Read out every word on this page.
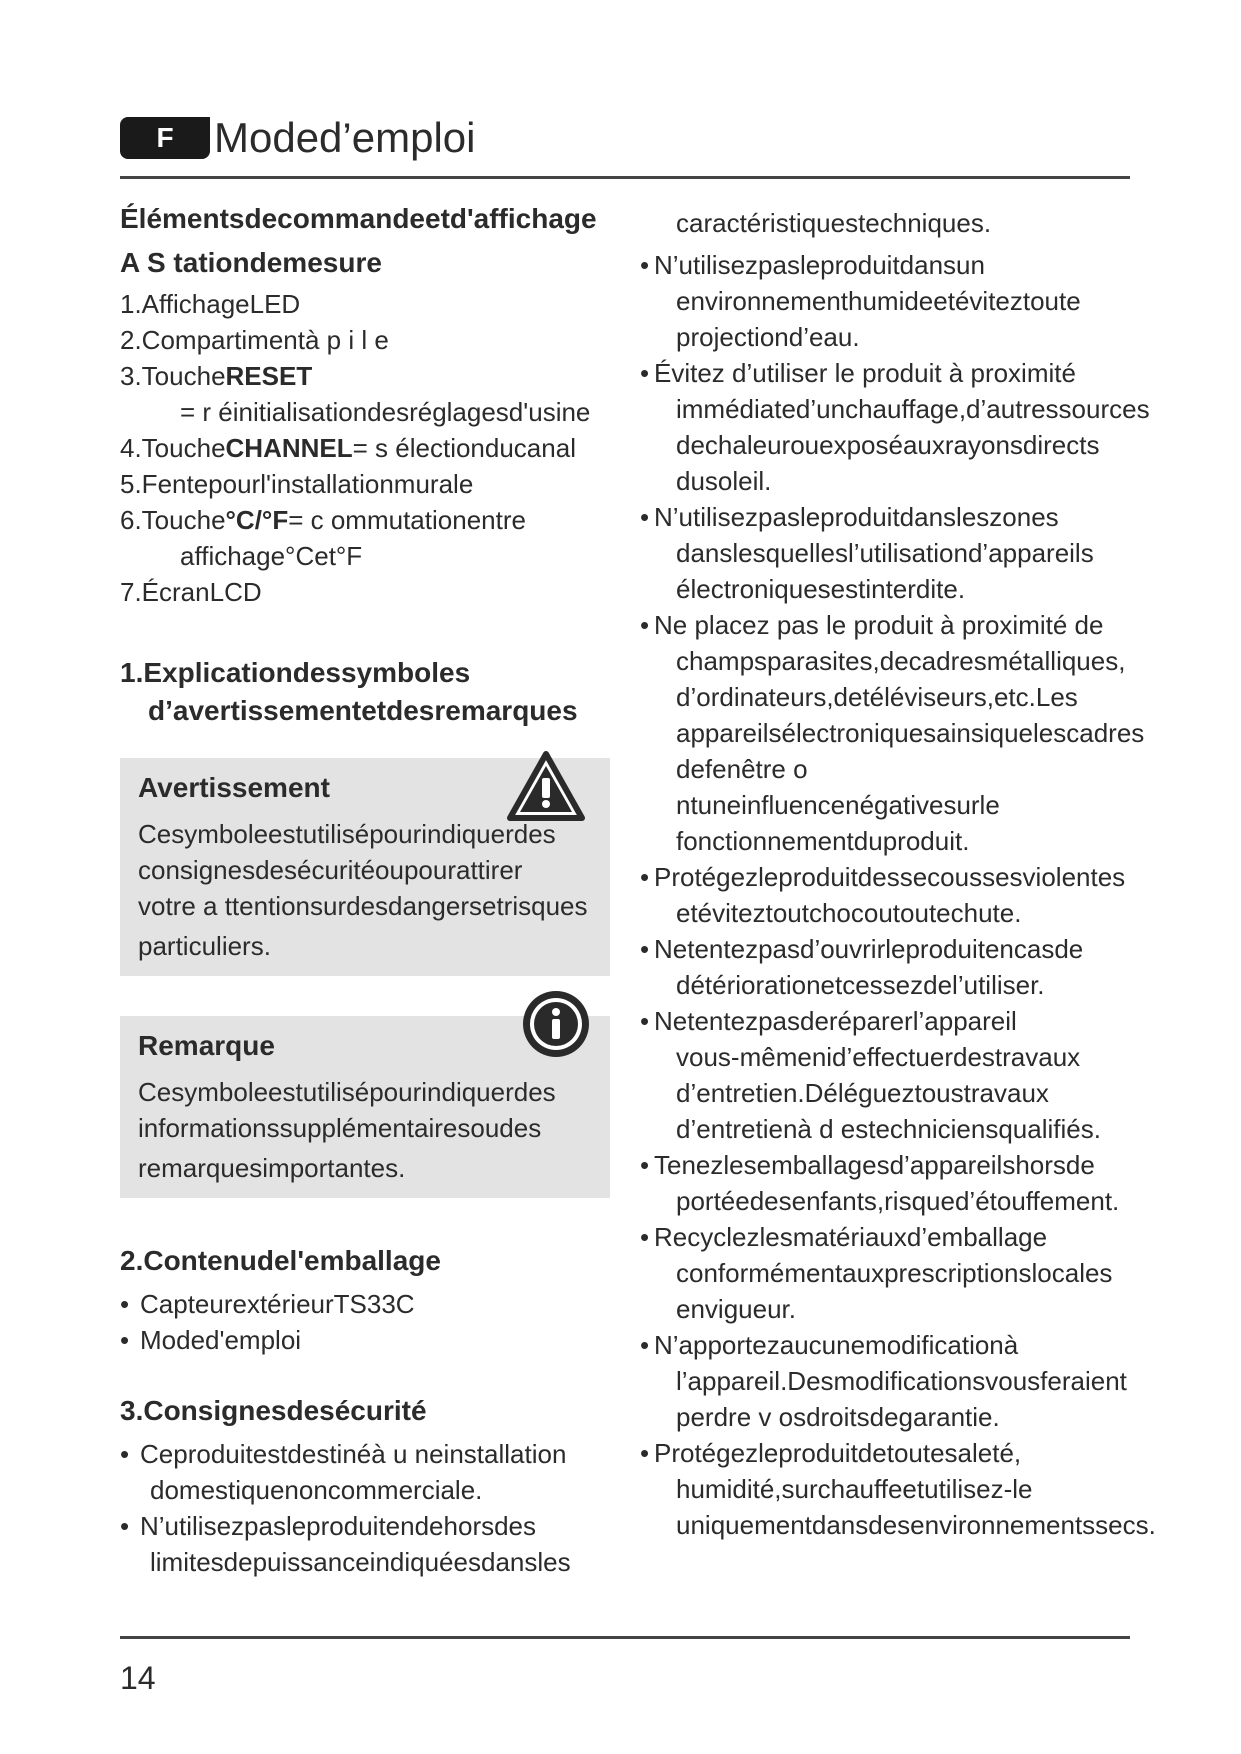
F Moded’emploi
Élémentsdecommandeetd'affichage
A S tationdemesure
1.AffichageLED
2.Compartimentà p i l e
3.ToucheRESET
= r éinitialisationdesréglagesd'usine
4.ToucheCHANNEL= s électionducanal
5.Fentepourl'installationmurale
6.Touche°C/°F= c ommutationentre
affichage°Cet°F
7.ÉcranLCD
1.Explicationdessymboles
d’avertissementetdesremarques
Avertissement
Cesymboleestutilisépourindiquerdes
consignesdesécuritéoupourattirer
votre a ttentionsurdesdangersetrisques
particuliers.
Remarque
Cesymboleestutilisépourindiquerdes
informationssupplémentairesoudes
remarquesimportantes.
2.Contenudel'emballage
• CapteurextérieurTS33C
• Moded'emploi
3.Consignesdesécurité
• Ceproduitestdestinéà u neinstallation
domestiquenoncommerciale.
• N’utilisezpasleproduitendehorsdes
limitesdepuissanceindiquéesdansles
caractéristiquestechniques.
• N’utilisezpasleproduitdansun
environnementhumideetéviteztoute
projectiond’eau.
• Évitez d’utiliser le produit à proximité
immédiated’unchauffage,d’autressources
dechaleurouexposéauxrayonsdirects
dusoleil.
• N’utilisezpasleproduitdansleszones
danslesquellesl’utilisationd’appareils
électroniquesestinterdite.
• Ne placez pas le produit à proximité de
champsparasites,decadresmétalliques,
d’ordinateurs,detéléviseurs,etc.Les
appareilsélectroniquesainsiquelescadres
defenêtre o ntuneinfluencenégativesurle
fonctionnementduproduit.
• Protégezleproduitdessecoussesviolentes
etéviteztoutchocoutoutechute.
• Netentezpasd’ouvrirleproduitencasde
détériorationetcessezdel’utiliser.
• Netentezpasderéparerl’appareil
vous-mêmenid’effectuerdestravaux
d’entretien.Délégueztoustravaux
d’entretienà d estechniciensqualifiés.
• Tenezlesemballagesd’appareilshorsde
portéedesenfants,risqued’étouffement.
• Recyclezlesmatériauxd’emballage
conformémentauxprescriptionslocales
envigueur.
• N’apportezaucunemodificationà
l’appareil.Desmodificationsvousferaient
perdre v osdroitsdegarantie.
• Protégezleproduitdetoutesaleté,
humidité,surchauffeetutilisez-le
uniquementdansdesenvironnementssecs.
14
